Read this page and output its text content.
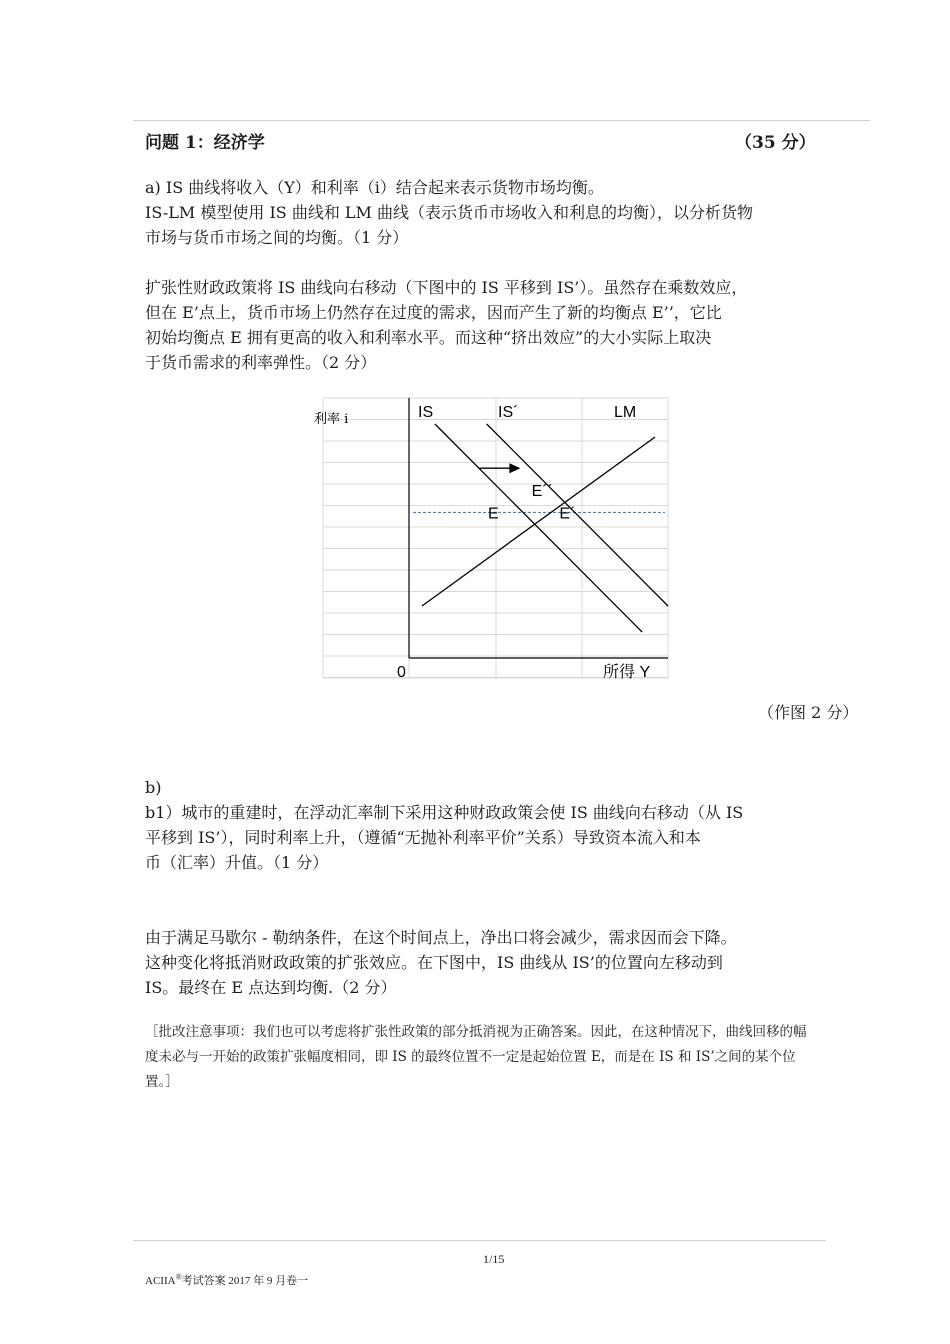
问题 1：经济学	（35 分）
a) IS 曲线将收入（Y）和利率（i）结合起来表示货物市场均衡。
IS-LM 模型使用 IS 曲线和 LM 曲线（表示货币市场收入和利息的均衡），以分析货物
市场与货币市场之间的均衡。（1 分）
扩张性财政政策将 IS 曲线向右移动（下图中的 IS 平移到 IS’）。虽然存在乘数效应，
但在 E’点上，货币市场上仍然存在过度的需求，因而产生了新的均衡点 E’’，它比
初始均衡点 E 拥有更高的收入和利率水平。而这种“挤出效应”的大小实际上取决
于货币需求的利率弹性。（2 分）
IS	IS´	LM
E	E´
E´´
利率 i
0	所得 Y
（作图 2 分）
b)
b1）城市的重建时，在浮动汇率制下采用这种财政政策会使 IS 曲线向右移动（从 IS
平移到 IS’），同时利率上升，（遵循“无抛补利率平价”关系）导致资本流入和本
币（汇率）升值。（1 分）
由于满足马歇尔 - 勒纳条件，在这个时间点上，净出口将会减少，需求因而会下降。
这种变化将抵消财政政策的扩张效应。在下图中，IS 曲线从 IS’的位置向左移动到
IS。最终在 E 点达到均衡.（2 分）
［批改注意事项：我们也可以考虑将扩张性政策的部分抵消视为正确答案。因此，在这种情况下，曲线回移的幅
度未必与一开始的政策扩张幅度相同，即 IS 的最终位置不一定是起始位置 E，而是在 IS 和 IS’之间的某个位
置。］
1/15
ACIIA®考试答案 2017 年 9 月卷一
